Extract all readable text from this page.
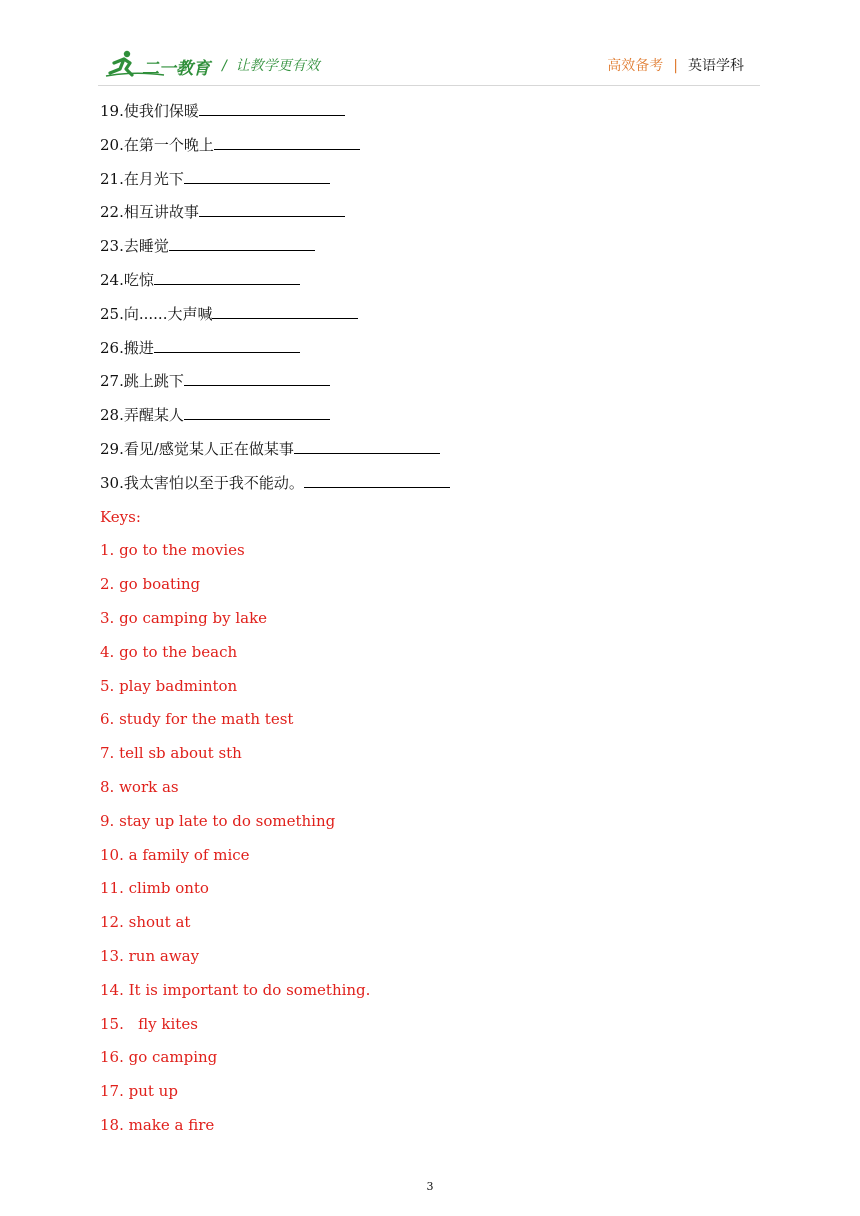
二一教育 /  让教学更有效	高效备考 | 英语学科
19.使我们保暖
20.在第一个晚上
21.在月光下
22.相互讲故事
23.去睡觉
24.吃惊
25.向......大声喊
26.搬进
27.跳上跳下
28.弄醒某人
29.看见/感觉某人正在做某事
30.我太害怕以至于我不能动。
Keys:
1. go to the movies
2. go boating
3. go camping by lake
4. go to the beach
5. play badminton
6. study for the math test
7. tell sb about sth
8. work as
9. stay up late to do something
10. a family of mice
11. climb onto
12. shout at
13. run away
14. It is important to do something.
15.   fly kites
16. go camping
17. put up
18. make a fire
3
